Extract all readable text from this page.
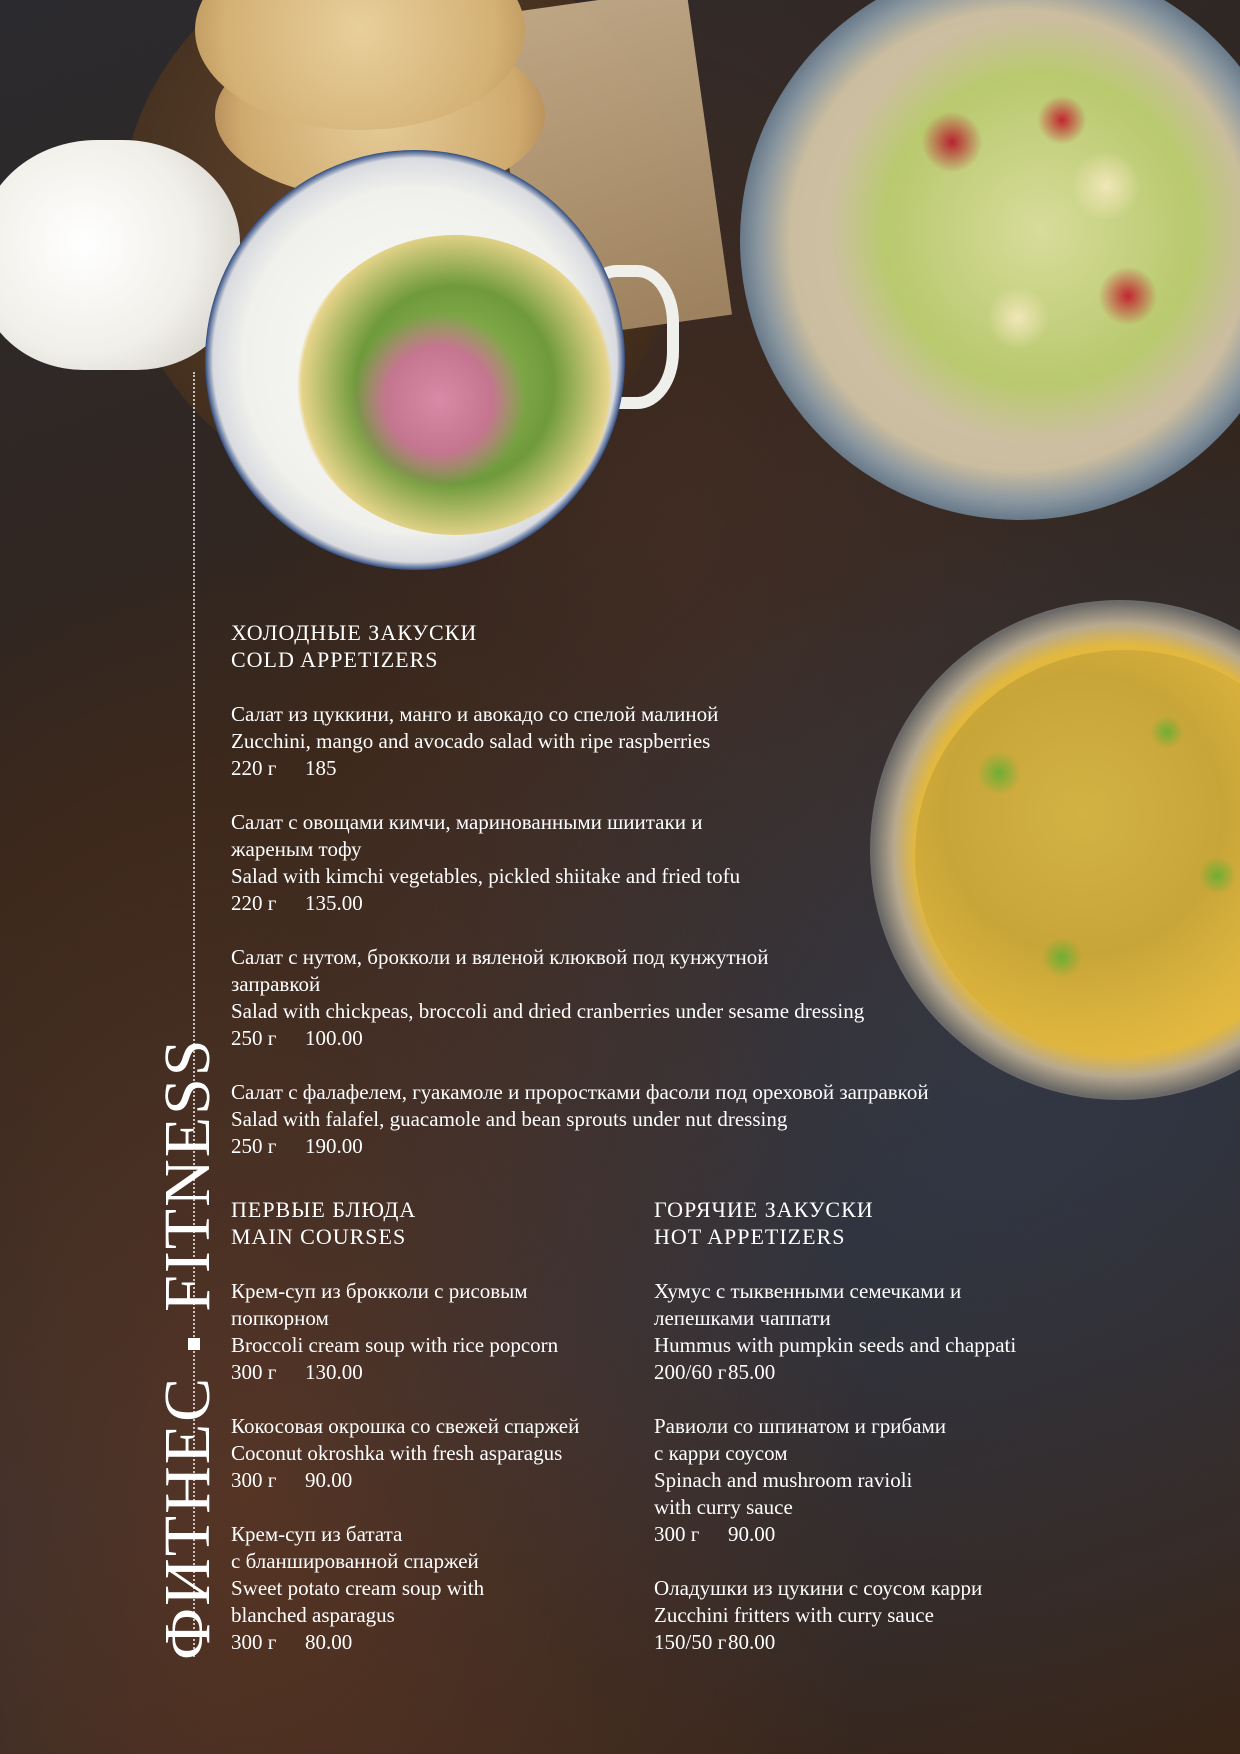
ФИТНЕСFITNESS
ХОЛОДНЫЕ ЗАКУСКИ
COLD APPETIZERS
Салат из цуккини, манго и авокадо со спелой малиной
Zucchini, mango and avocado salad with ripe raspberries
220 г 185
Салат с овощами кимчи, маринованными шиитаки и
жареным тофу
Salad with kimchi vegetables, pickled shiitake and fried tofu
220 г 135.00
Салат с нутом, брокколи и вяленой клюквой под кунжутной
заправкой
Salad with chickpeas, broccoli and dried cranberries under sesame dressing
250 г 100.00
Салат с фалафелем, гуакамоле и проростками фасоли под ореховой заправкой
Salad with falafel, guacamole and bean sprouts under nut dressing
250 г 190.00
ПЕРВЫЕ БЛЮДА
MAIN COURSES
Крем-суп из брокколи с рисовым
попкорном
Broccoli cream soup with rice popcorn
300 г 130.00
Кокосовая окрошка со свежей спаржей
Coconut okroshka with fresh asparagus
300 г 90.00
Крем-суп из батата
с бланшированной спаржей
Sweet potato cream soup with
blanched asparagus
300 г 80.00
ГОРЯЧИЕ ЗАКУСКИ
HOT APPETIZERS
Хумус с тыквенными семечками и
лепешками чаппати
Hummus with pumpkin seeds and chappati
200/60 г85.00
Равиоли со шпинатом и грибами
с карри соусом
Spinach and mushroom ravioli
with curry sauce
300 г 90.00
Оладушки из цукини с соусом карри
Zucchini fritters with curry sauce
150/50 г80.00
